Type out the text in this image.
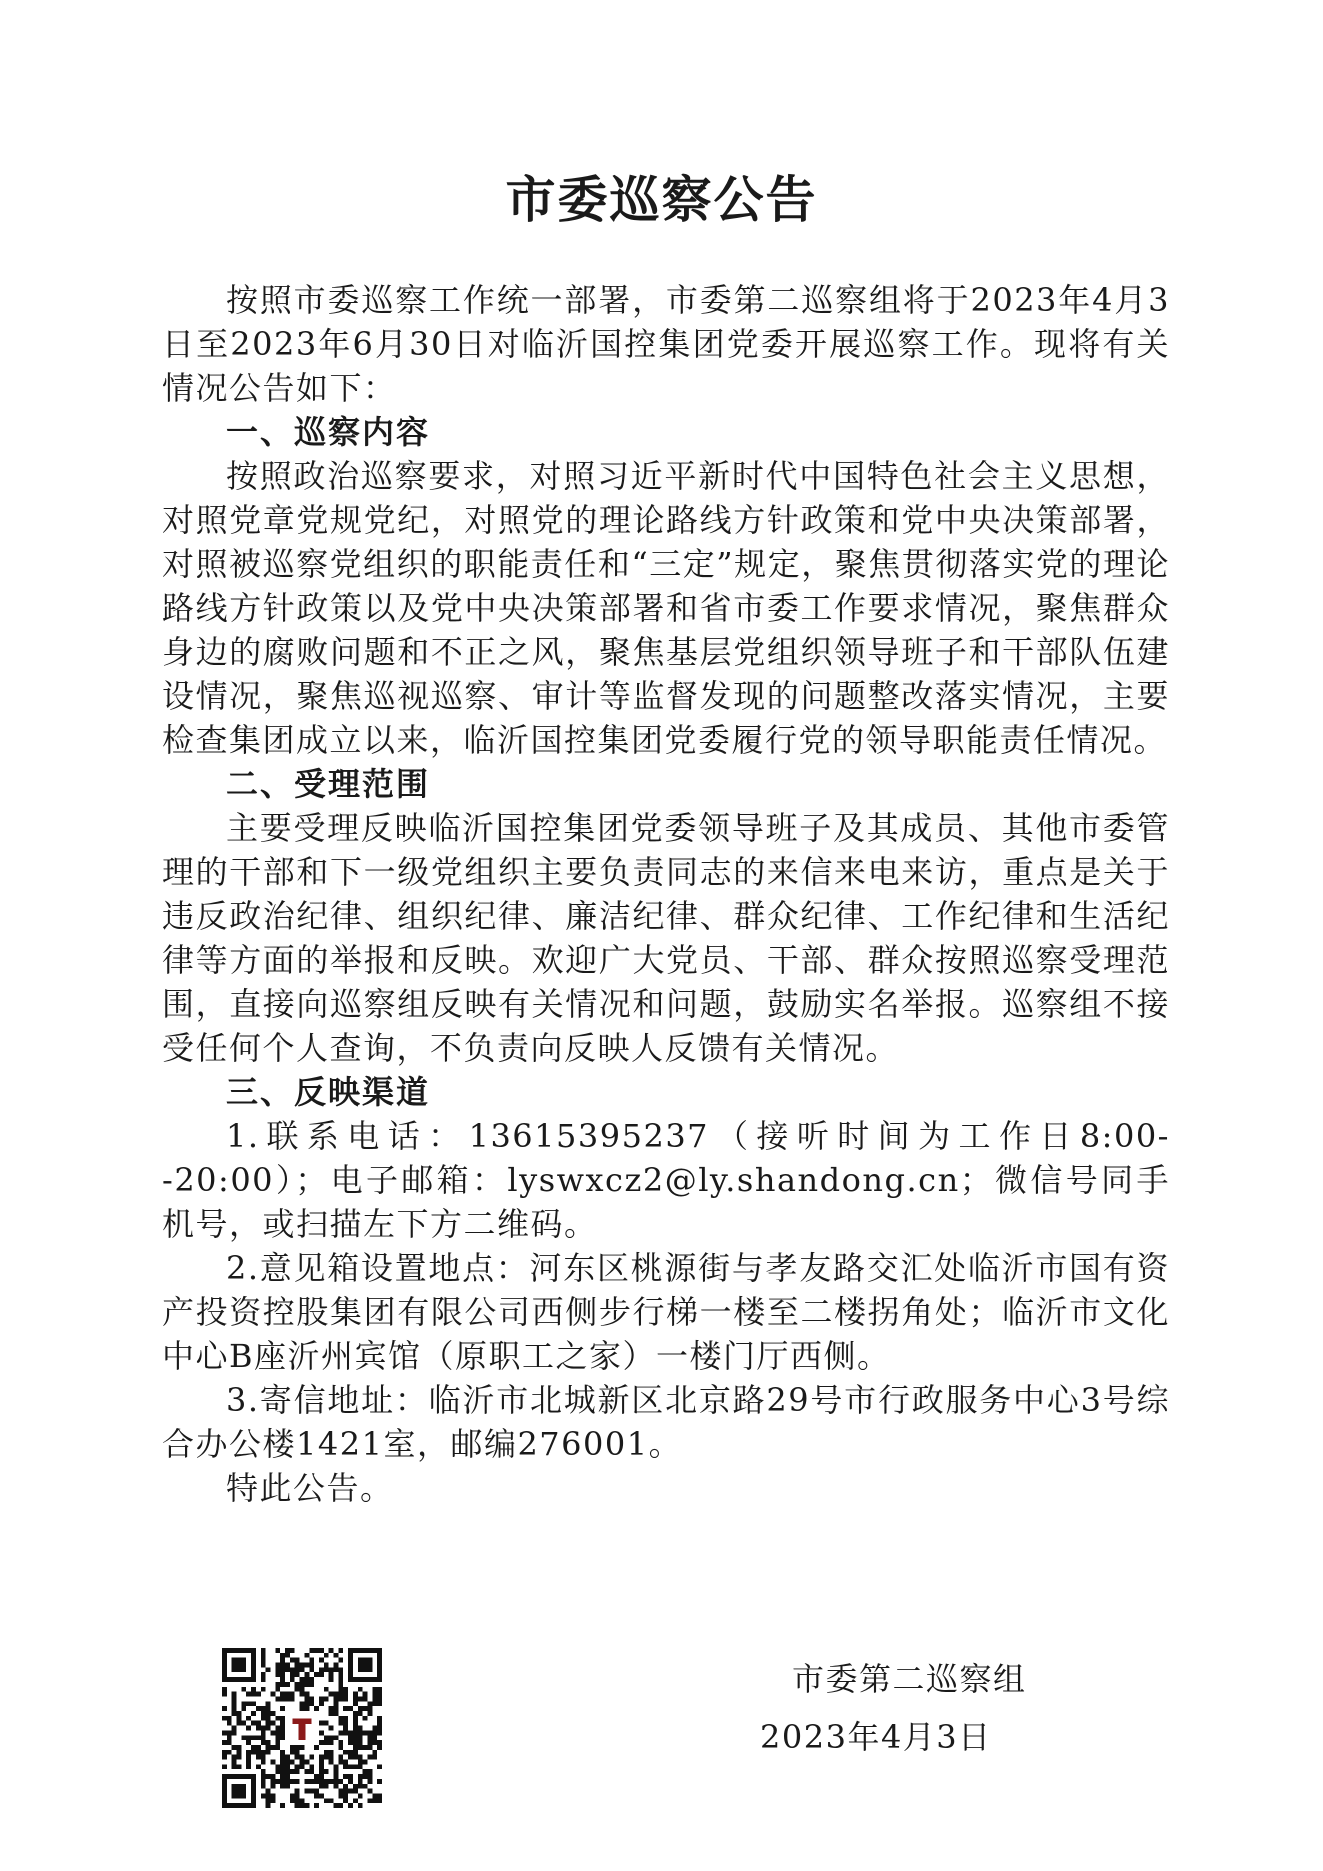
市委巡察公告

按照市委巡察工作统一部署，市委第二巡察组将于2023年4月3日至2023年6月30日对临沂国控集团党委开展巡察工作。现将有关情况公告如下：

一、巡察内容

按照政治巡察要求，对照习近平新时代中国特色社会主义思想，对照党章党规党纪，对照党的理论路线方针政策和党中央决策部署，对照被巡察党组织的职能责任和“三定”规定，聚焦贯彻落实党的理论路线方针政策以及党中央决策部署和省市委工作要求情况，聚焦群众身边的腐败问题和不正之风，聚焦基层党组织领导班子和干部队伍建设情况，聚焦巡视巡察、审计等监督发现的问题整改落实情况，主要检查集团成立以来，临沂国控集团党委履行党的领导职能责任情况。

二、受理范围

主要受理反映临沂国控集团党委领导班子及其成员、其他市委管理的干部和下一级党组织主要负责同志的来信来电来访，重点是关于违反政治纪律、组织纪律、廉洁纪律、群众纪律、工作纪律和生活纪律等方面的举报和反映。欢迎广大党员、干部、群众按照巡察受理范围，直接向巡察组反映有关情况和问题，鼓励实名举报。巡察组不接受任何个人查询，不负责向反映人反馈有关情况。

三、反映渠道

1.联系电话：13615395237（接听时间为工作日8:00--20:00）；电子邮箱：lyswxcz2@ly.shandong.cn；微信号同手机号，或扫描左下方二维码。

2.意见箱设置地点：河东区桃源街与孝友路交汇处临沂市国有资产投资控股集团有限公司西侧步行梯一楼至二楼拐角处；临沂市文化中心B座沂州宾馆（原职工之家）一楼门厅西侧。

3.寄信地址：临沂市北城新区北京路29号市行政服务中心3号综合办公楼1421室，邮编276001。

特此公告。

市委第二巡察组
2023年4月3日
